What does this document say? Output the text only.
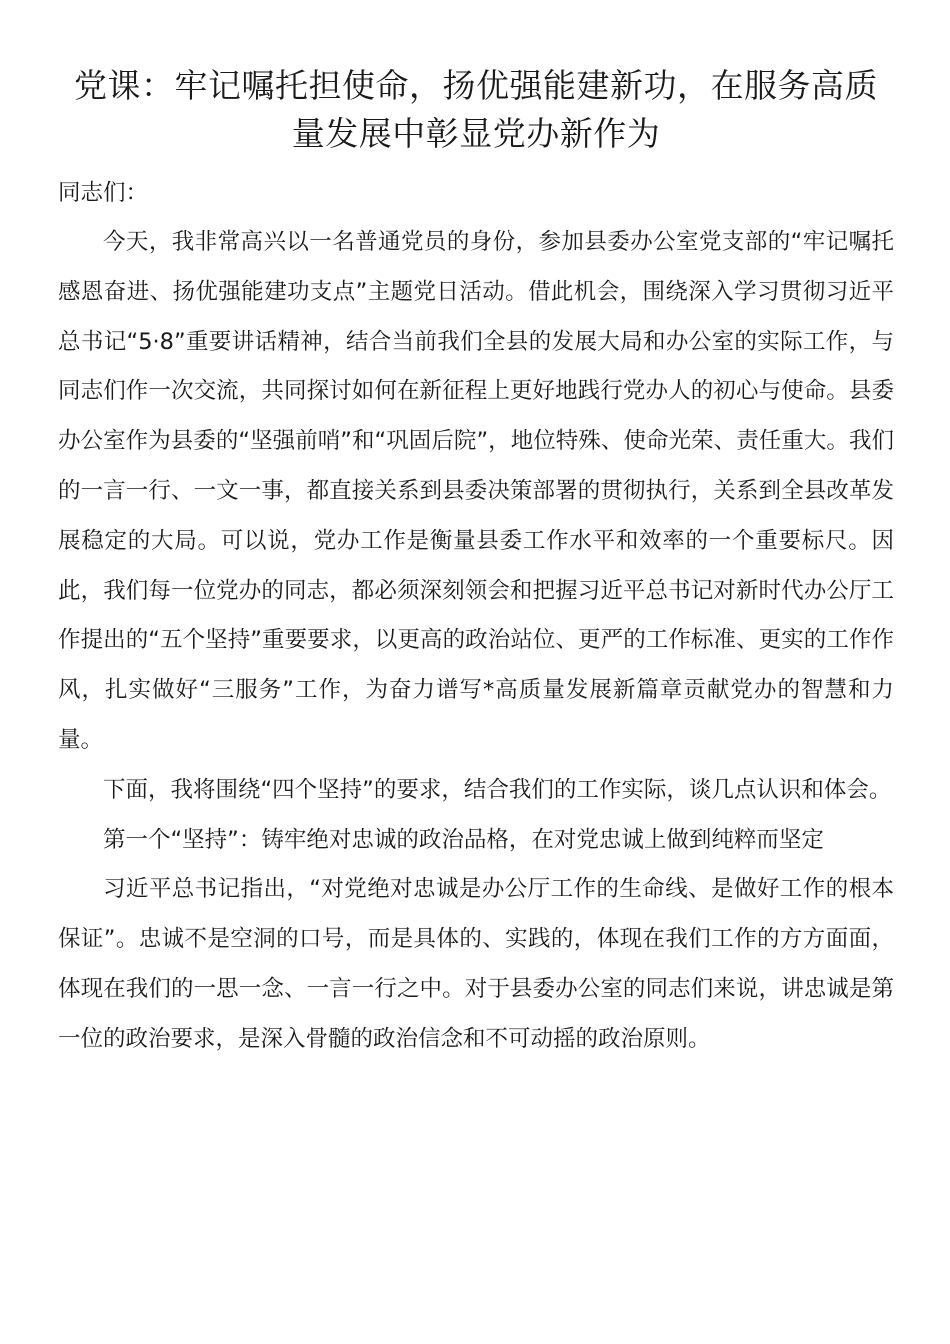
党课：牢记嘱托担使命，扬优强能建新功，在服务高质量发展中彰显党办新作为

同志们：

今天，我非常高兴以一名普通党员的身份，参加县委办公室党支部的“牢记嘱托感恩奋进、扬优强能建功支点”主题党日活动。借此机会，围绕深入学习贯彻习近平总书记“5·8”重要讲话精神，结合当前我们全县的发展大局和办公室的实际工作，与同志们作一次交流，共同探讨如何在新征程上更好地践行党办人的初心与使命。县委办公室作为县委的“坚强前哨”和“巩固后院”，地位特殊、使命光荣、责任重大。我们的一言一行、一文一事，都直接关系到县委决策部署的贯彻执行，关系到全县改革发展稳定的大局。可以说，党办工作是衡量县委工作水平和效率的一个重要标尺。因此，我们每一位党办的同志，都必须深刻领会和把握习近平总书记对新时代办公厅工作提出的“五个坚持”重要要求，以更高的政治站位、更严的工作标准、更实的工作作风，扎实做好“三服务”工作，为奋力谱写*高质量发展新篇章贡献党办的智慧和力量。

下面，我将围绕“四个坚持”的要求，结合我们的工作实际，谈几点认识和体会。

第一个“坚持”：铸牢绝对忠诚的政治品格，在对党忠诚上做到纯粹而坚定

习近平总书记指出，“对党绝对忠诚是办公厅工作的生命线、是做好工作的根本保证”。忠诚不是空洞的口号，而是具体的、实践的，体现在我们工作的方方面面，体现在我们的一思一念、一言一行之中。对于县委办公室的同志们来说，讲忠诚是第一位的政治要求，是深入骨髓的政治信念和不可动摇的政治原则。
